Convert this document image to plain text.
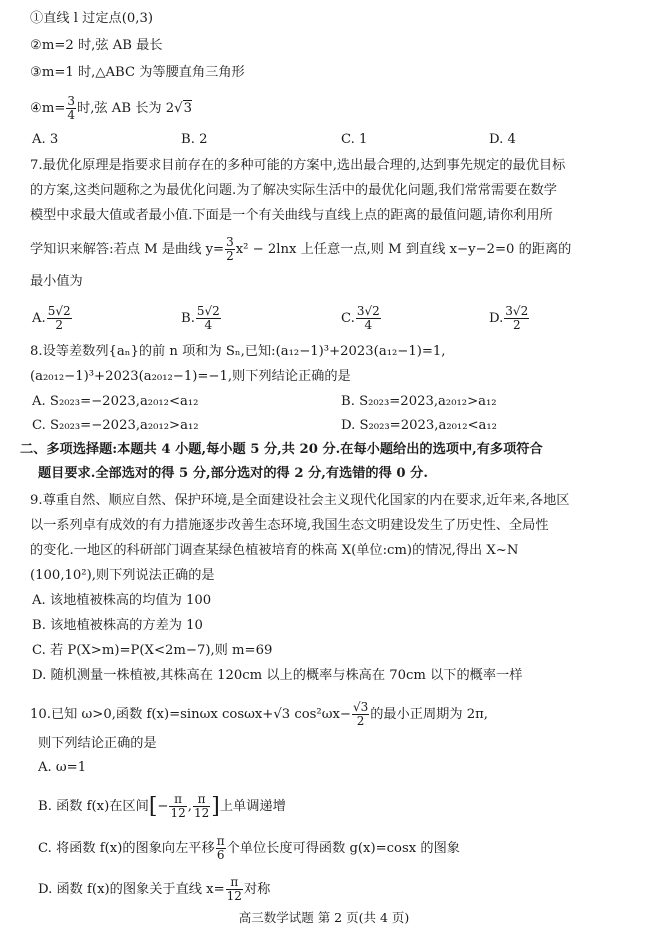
①直线 l 过定点(0,3)
②m=2 时,弦 AB 最长
③m=1 时,△ABC 为等腰直角三角形
④m= $\frac{3}{4}$ 时,弦 AB 长为 2√3
A. 3	B. 2	C. 1	D. 4
7.最优化原理是指要求目前存在的多种可能的方案中,选出最合理的,达到事先规定的最优目标
的方案,这类问题称之为最优化问题.为了解决实际生活中的最优化问题,我们常常需要在数学
模型中求最大值或者最小值.下面是一个有关曲线与直线上点的距离的最值问题,请你利用所
学知识来解答:若点 M 是曲线 $y= \frac{3}{2} x^2 - 2\ln x$ 上任意一点,则 M 到直线 x−y−2=0 的距离的
最小值为
A. $\frac{5√2}{2}$	B. $\frac{5√2}{4}$	C. $\frac{3√2}{4}$	D. $\frac{3√2}{2}$
8.设等差数列{aₙ}的前 n 项和为 Sₙ,已知:(a₁₂−1)³+2023(a₁₂−1)=1,
(a₂₀₁₂−1)³+2023(a₂₀₁₂−1)=−1,则下列结论正确的是
A. S₂₀₂₃=−2023,a₂₀₁₂<a₁₂	B. S₂₀₂₃=2023,a₂₀₁₂>a₁₂
C. S₂₀₂₃=−2023,a₂₀₁₂>a₁₂	D. S₂₀₂₃=2023,a₂₀₁₂<a₁₂
二、多项选择题:本题共 4 小题,每小题 5 分,共 20 分.在每小题给出的选项中,有多项符合
题目要求.全部选对的得 5 分,部分选对的得 2 分,有选错的得 0 分.
9.尊重自然、顺应自然、保护环境,是全面建设社会主义现代化国家的内在要求,近年来,各地区
以一系列卓有成效的有力措施逐步改善生态环境,我国生态文明建设发生了历史性、全局性
的变化.一地区的科研部门调查某绿色植被培育的株高 X(单位:cm)的情况,得出 X~N
(100,10²),则下列说法正确的是
A. 该地植被株高的均值为 100
B. 该地植被株高的方差为 10
C. 若 P(X>m)=P(X<2m−7),则 m=69
D. 随机测量一株植被,其株高在 120cm 以上的概率与株高在 70cm 以下的概率一样
10.已知 ω>0,函数 f(x)=sinωx cosωx+√3 $\cos^2\omega x- \frac{√3}{2}$ 的最小正周期为 2π,
则下列结论正确的是
A. ω=1
B. 函数 f(x)在区间[− $\frac{\pi}{12}$ , $\frac{\pi}{12}$ ]上单调递增
C. 将函数 f(x)的图象向左平移 $\frac{\pi}{6}$ 个单位长度可得函数 g(x)=cosx 的图象
D. 函数 f(x)的图象关于直线 $x= \frac{\pi}{12}$ 对称
高三数学试题 第 2 页(共 4 页)
